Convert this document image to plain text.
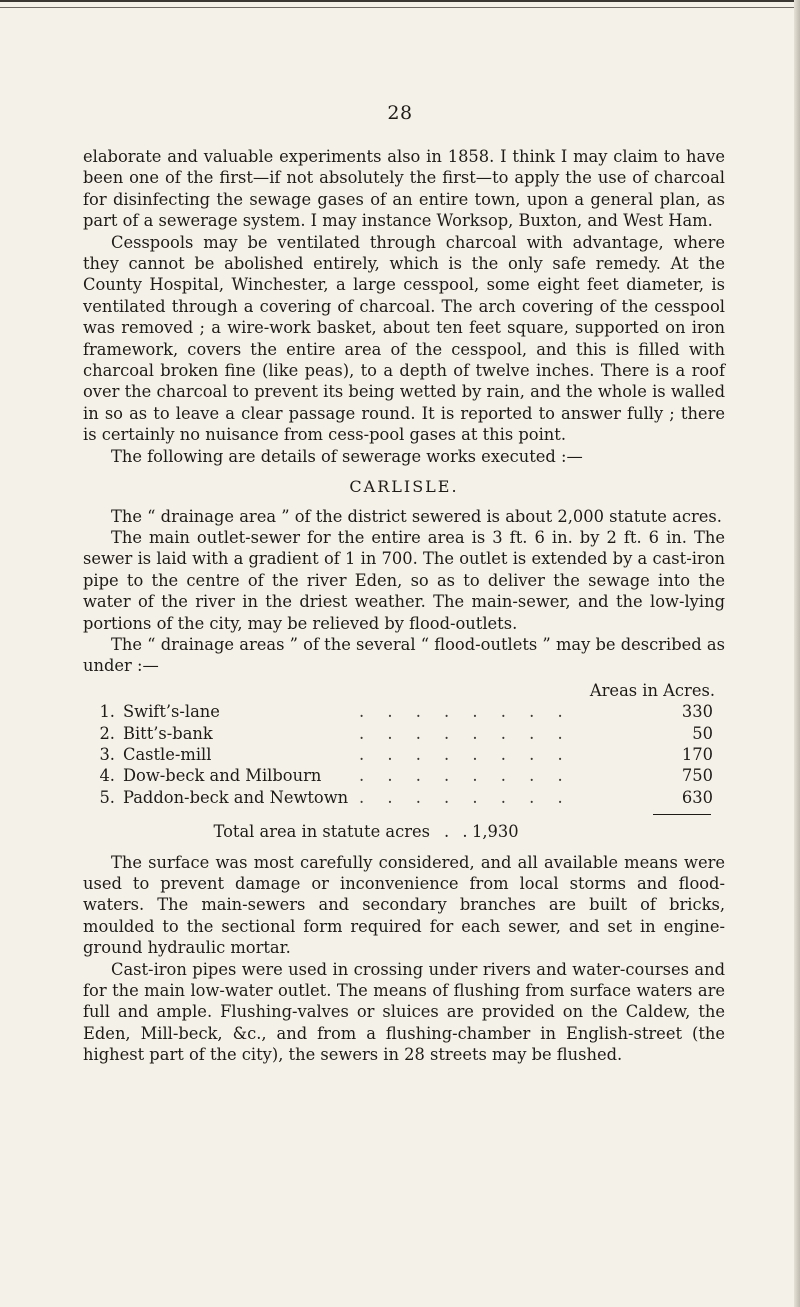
28

elaborate and valuable experiments also in 1858. I think I may claim to have been one of the first—if not absolutely the first—to apply the use of charcoal for disinfecting the sewage gases of an entire town, upon a general plan, as part of a sewerage system. I may instance Worksop, Buxton, and West Ham.

Cesspools may be ventilated through charcoal with advantage, where they cannot be abolished entirely, which is the only safe remedy. At the County Hospital, Winchester, a large cesspool, some eight feet diameter, is ventilated through a covering of charcoal. The arch covering of the cesspool was removed ; a wire-work basket, about ten feet square, supported on iron framework, covers the entire area of the cesspool, and this is filled with charcoal broken fine (like peas), to a depth of twelve inches. There is a roof over the charcoal to prevent its being wetted by rain, and the whole is walled in so as to leave a clear passage round. It is reported to answer fully ; there is certainly no nuisance from cess-pool gases at this point.

The following are details of sewerage works executed :—

CARLISLE.

The “ drainage area ” of the district sewered is about 2,000 statute acres.

The main outlet-sewer for the entire area is 3 ft. 6 in. by 2 ft. 6 in. The sewer is laid with a gradient of 1 in 700. The outlet is extended by a cast-iron pipe to the centre of the river Eden, so as to deliver the sewage into the water of the river in the driest weather. The main-sewer, and the low-lying portions of the city, may be relieved by flood-outlets.

The “ drainage areas ” of the several “ flood-outlets ” may be described as under :—

Areas in Acres.
1. Swift’s-lane	. . . . . . . .	330
2. Bitt’s-bank	. . . . . . . .	50
3. Castle-mill	. . . . . . . .	170
4. Dow-beck and Milbourn	. . . . . . . .	750
5. Paddon-beck and Newtown . . . . . . . .	630
Total area in statute acres . . 1,930

The surface was most carefully considered, and all available means were used to prevent damage or inconvenience from local storms and flood-waters. The main-sewers and secondary branches are built of bricks, moulded to the sectional form required for each sewer, and set in engine-ground hydraulic mortar.

Cast-iron pipes were used in crossing under rivers and water-courses and for the main low-water outlet. The means of flushing from surface waters are full and ample. Flushing-valves or sluices are provided on the Caldew, the Eden, Mill-beck, &c., and from a flushing-chamber in English-street (the highest part of the city), the sewers in 28 streets may be flushed.
